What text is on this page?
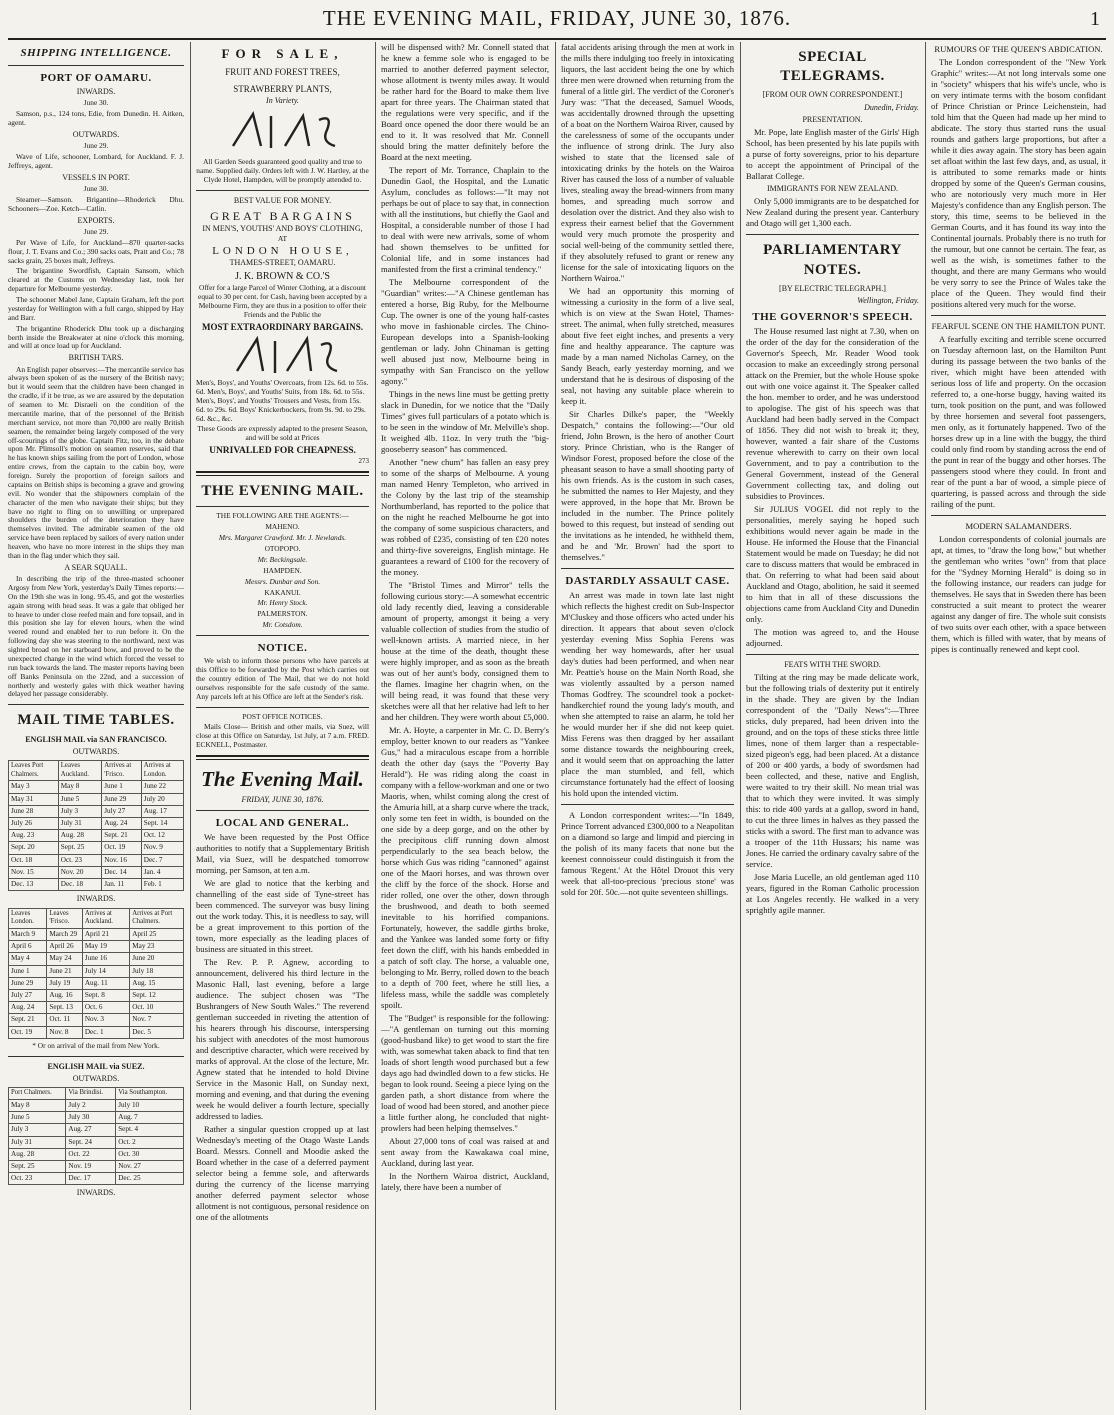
THE EVENING MAIL, FRIDAY, JUNE 30, 1876.	1
SHIPPING INTELLIGENCE.
PORT OF OAMARU.
INWARDS.
June 30.

Samson, p.s., 124 tons, Edie, from Dunedin. H. Aitken, agent.

OUTWARDS.
June 29.

Wave of Life, schooner, Lombard, for Auckland. F. J. Jeffreys, agent.

VESSELS IN PORT.
June 30.

Steamer—Samson. Brigantine—Rhoderick Dhu. Schooners—Zoe. Ketch—Catlin.

EXPORTS.
June 29.

Per Wave of Life, for Auckland—870 quarter-sacks flour, J. T. Evans and Co.; 390 sacks oats, Pratt and Co.; 78 sacks grain, 25 boxes malt, Jeffreys.

The brigantine Swordfish, Captain Sansom, which cleared at the Customs on Wednesday last, took her departure for Melbourne yesterday.

The schooner Mabel Jane, Captain Graham, left the port yesterday for Wellington with a full cargo, shipped by Hay and Barr.

The brigantine Rhoderick Dhu took up a discharging berth inside the Breakwater at nine o'clock this morning, and will at once load up for Auckland.

BRITISH TARS.

An English paper observes:—The mercantile service has always been spoken of as the nursery of the British navy; but it would seem that the children have been changed in the cradle, if it be true, as we are assured by the deputation of seamen to Mr. Disraeli on the condition of the mercantile marine, that of the personnel of the British merchant service, not more than 70,000 are really British seamen, the remainder being largely composed of the very off-scourings of the globe. Captain Fitz, too, in the debate upon Mr. Plimsoll's motion on seamen reserves, said that he has known ships sailing from the port of London, whose entire crews, from the captain to the cabin boy, were foreign. Surely the proportion of foreign sailors and captains on British ships is becoming a grave and growing evil. No wonder that the shipowners complain of the character of the men who navigate their ships; but they have no right to fling on to unwilling or unprepared shoulders the burden of the deterioration they have themselves invited. The admirable seamen of the old service have been replaced by sailors of every nation under heaven, who have no more interest in the ships they man than in the flag under which they sail.

A SEAR SQUALL.

In describing the trip of the three-masted schooner Argosy from New York, yesterday's Daily Times reports:—On the 19th she was in long. 95.45, and got the westerlies again strong with head seas. It was a gale that obliged her to heave to under close reefed main and fore topsail, and in this position she lay for eleven hours, when the wind veered round and enabled her to run before it. On the following day she was steering to the northward, next was sighted broad on her starboard bow, and proved to be the unexpected change in the wind which forced the vessel to run back towards the land. The master reports having been off Banks Peninsula on the 22nd, and a succession of northerly and westerly gales with thick weather having delayed her passage considerably.

MAIL TIME TABLES.
ENGLISH MAIL via SAN FRANCISCO.
OUTWARDS.
Leaves Port Chalmers.	Leaves Auckland.	Arrives at 'Frisco.	Arrives at London.
May 3	May 8	June 1	June 22
May 31	June 5	June 29	July 20
June 28	July 3	July 27	Aug. 17
July 26	July 31	Aug. 24	Sept. 14
Aug. 23	Aug. 28	Sept. 21	Oct. 12
Sept. 20	Sept. 25	Oct. 19	Nov. 9
Oct. 18	Oct. 23	Nov. 16	Dec. 7
Nov. 15	Nov. 20	Dec. 14	Jan. 4
Dec. 13	Dec. 18	Jan. 11	Feb. 1
INWARDS.
Leaves London.	Leaves 'Frisco.	Arrives at Auckland.	Arrives at Port Chalmers.
March 9	March 29	April 21	April 25
April 6	April 26	May 19	May 23
May 4	May 24	June 16	June 20
June 1	June 21	July 14	July 18
June 29	July 19	Aug. 11	Aug. 15
July 27	Aug. 16	Sept. 8	Sept. 12
Aug. 24	Sept. 13	Oct. 6	Oct. 10
Sept. 21	Oct. 11	Nov. 3	Nov. 7
Oct. 19	Nov. 8	Dec. 1	Dec. 5
* Or on arrival of the mail from New York.
ENGLISH MAIL via SUEZ.
OUTWARDS.
Port Chalmers.	Via Brindisi.	Via Southampton.
May 8	July 2	July 10
June 5	July 30	Aug. 7
July 3	Aug. 27	Sept. 4
July 31	Sept. 24	Oct. 2
Aug. 28	Oct. 22	Oct. 30
Sept. 25	Nov. 19	Nov. 27
Oct. 23	Dec. 17	Dec. 25
INWARDS.
FOR SALE,
FRUIT AND FOREST TREES,
STRAWBERRY PLANTS,
In Variety.

All Garden Seeds guaranteed good quality and true to name. Supplied daily. Orders left with J. W. Hartley, at the Clyde Hotel, Hampden, will be promptly attended to.

BEST VALUE FOR MONEY.
GREAT BARGAINS
IN MEN'S, YOUTHS' AND BOYS' CLOTHING,
AT
LONDON HOUSE,
THAMES-STREET, OAMARU.
J. K. BROWN & CO.'S

Offer for a large Parcel of Winter Clothing, at a discount equal to 30 per cent. for Cash, having been accepted by a Melbourne Firm, they are thus in a position to offer their Friends and the Public the

MOST EXTRAORDINARY BARGAINS.

Men's, Boys', and Youths' Overcoats, from 12s. 6d. to 55s. 6d. Men's, Boys', and Youths' Suits, from 18s. 6d. to 55s. Men's, Boys', and Youths' Trousers and Vests, from 15s. 6d. to 29s. 6d. Boys' Knickerbockers, from 9s. 9d. to 29s. 6d. &c., &c.

These Goods are expressly adapted to the present Season, and will be sold at Prices

UNRIVALLED FOR CHEAPNESS.
273
THE EVENING MAIL.

THE FOLLOWING ARE THE AGENTS:—

MAHENO.

Mrs. Margaret Crawford. Mr. J. Newlands.

OTOPOPO.

Mr. Beckingsale.

HAMPDEN.

Messrs. Dunbar and Son.

KAKANUI.

Mr. Henry Stock.

PALMERSTON.

Mr. Cotsdom.

NOTICE.

We wish to inform those persons who have parcels at this Office to be forwarded by the Post which carries out the country edition of The Mail, that we do not hold ourselves responsible for the safe custody of the same. Any parcels left at his Office are left at the Sender's risk.

POST OFFICE NOTICES.

Mails Close— British and other mails, via Suez, will close at this Office on Saturday, 1st July, at 7 a.m. FRED. ECKNELL, Postmaster.

The Evening Mail.
FRIDAY, JUNE 30, 1876.
LOCAL AND GENERAL.

We have been requested by the Post Office authorities to notify that a Supplementary British Mail, via Suez, will be despatched tomorrow morning, per Samson, at ten a.m.

We are glad to notice that the kerbing and channelling of the east side of Tyne-street has been commenced. The surveyor was busy lining out the work today. This, it is needless to say, will be a great improvement to this portion of the town, more especially as the leading places of business are situated in this street.

The Rev. P. P. Agnew, according to announcement, delivered his third lecture in the Masonic Hall, last evening, before a large audience. The subject chosen was "The Bushrangers of New South Wales." The reverend gentleman succeeded in riveting the attention of his hearers through his discourse, interspersing his subject with anecdotes of the most humorous and descriptive character, which were received by marks of approval. At the close of the lecture, Mr. Agnew stated that he intended to hold Divine Service in the Masonic Hall, on Sunday next, morning and evening, and that during the evening week he would deliver a fourth lecture, specially addressed to ladies.

Rather a singular question cropped up at last Wednesday's meeting of the Otago Waste Lands Board. Messrs. Connell and Moodie asked the Board whether in the case of a deferred payment selector being a femme sole, and afterwards during the currency of the license marrying another deferred payment selector whose allotment is not contiguous, personal residence on one of the allotments

will be dispensed with? Mr. Connell stated that he knew a femme sole who is engaged to be married to another deferred payment selector, whose allotment is twenty miles away. It would be rather hard for the Board to make them live apart for three years. The Chairman stated that the regulations were very specific, and if the Board once opened the door there would be an end to it. It was resolved that Mr. Connell should bring the matter definitely before the Board at the next meeting.

The report of Mr. Torrance, Chaplain to the Dunedin Gaol, the Hospital, and the Lunatic Asylum, concludes as follows:—"It may not perhaps be out of place to say that, in connection with all the institutions, but chiefly the Gaol and Hospital, a considerable number of those I had to deal with were new arrivals, some of whom had shown themselves to be unfitted for Colonial life, and in some instances had manifested from the first a criminal tendency."

The Melbourne correspondent of the "Guardian" writes:—"A Chinese gentleman has entered a horse, Big Ruby, for the Melbourne Cup. The owner is one of the young half-castes who move in fashionable circles. The Chino-European develops into a Spanish-looking gentleman or lady. John Chinaman is getting well abused just now, Melbourne being in sympathy with San Francisco on the yellow agony."

Things in the news line must be getting pretty slack in Dunedin, for we notice that the "Daily Times" gives full particulars of a potato which is to be seen in the window of Mr. Melville's shop. It weighed 4lb. 11oz. In very truth the "big-gooseberry season" has commenced.

Another "new chum" has fallen an easy prey to some of the sharps of Melbourne. A young man named Henry Templeton, who arrived in the Colony by the last trip of the steamship Northumberland, has reported to the police that on the night he reached Melbourne he got into the company of some suspicious characters, and was robbed of £235, consisting of ten £20 notes and thirty-five sovereigns, English mintage. He guarantees a reward of £100 for the recovery of the money.

The "Bristol Times and Mirror" tells the following curious story:—A somewhat eccentric old lady recently died, leaving a considerable amount of property, amongst it being a very valuable collection of studies from the studio of well-known artists. A married niece, in her house at the time of the death, thought these were highly improper, and as soon as the breath was out of her aunt's body, consigned them to the flames. Imagine her chagrin when, on the will being read, it was found that these very sketches were all that her relative had left to her and her children. They were worth about £5,000.

Mr. A. Hoyte, a carpenter in Mr. C. D. Berry's employ, better known to our readers as "Yankee Gus," had a miraculous escape from a horrible death the other day (says the "Poverty Bay Herald"). He was riding along the coast in company with a fellow-workman and one or two Maoris, when, whilst coming along the crest of the Amuria hill, at a sharp curve where the track, only some ten feet in width, is bounded on the one side by a deep gorge, and on the other by the precipitous cliff running down almost perpendicularly to the sea beach below, the horse which Gus was riding "cannoned" against one of the Maori horses, and was thrown over the cliff by the force of the shock. Horse and rider rolled, one over the other, down through the brushwood, and death to both seemed inevitable to his horrified companions. Fortunately, however, the saddle girths broke, and the Yankee was landed some forty or fifty feet down the cliff, with his hands embedded in a patch of soft clay. The horse, a valuable one, belonging to Mr. Berry, rolled down to the beach to a depth of 700 feet, where he still lies, a lifeless mass, while the saddle was completely spoilt.

The "Budget" is responsible for the following:—"A gentleman on turning out this morning (good-husband like) to get wood to start the fire with, was somewhat taken aback to find that ten loads of short length wood purchased but a few days ago had dwindled down to a few sticks. He began to look round. Seeing a piece lying on the garden path, a short distance from where the load of wood had been stored, and another piece a little further along, he concluded that night-prowlers had been helping themselves."

About 27,000 tons of coal was raised at and sent away from the Kawakawa coal mine, Auckland, during last year.

In the Northern Wairoa district, Auckland, lately, there have been a number of

fatal accidents arising through the men at work in the mills there indulging too freely in intoxicating liquors, the last accident being the one by which three men were drowned when returning from the funeral of a little girl. The verdict of the Coroner's Jury was: "That the deceased, Samuel Woods, was accidentally drowned through the upsetting of a boat on the Northern Wairoa River, caused by the carelessness of some of the occupants under the influence of strong drink. The Jury also wished to state that the licensed sale of intoxicating drinks by the hotels on the Wairoa River has caused the loss of a number of valuable lives, stealing away the bread-winners from many homes, and spreading much sorrow and desolation over the district. And they also wish to express their earnest belief that the Government would very much promote the prosperity and social well-being of the community settled there, if they absolutely refused to grant or renew any license for the sale of intoxicating liquors on the Northern Wairoa."

We had an opportunity this morning of witnessing a curiosity in the form of a live seal, which is on view at the Swan Hotel, Thames-street. The animal, when fully stretched, measures about five feet eight inches, and presents a very fine and healthy appearance. The capture was made by a man named Nicholas Carney, on the Sandy Beach, early yesterday morning, and we understand that he is desirous of disposing of the seal, not having any suitable place wherein to keep it.

Sir Charles Dilke's paper, the "Weekly Despatch," contains the following:—"Our old friend, John Brown, is the hero of another Court story. Prince Christian, who is the Ranger of Windsor Forest, proposed before the close of the pheasant season to have a small shooting party of his own friends. As is the custom in such cases, he submitted the names to Her Majesty, and they were approved, in the hope that Mr. Brown be included in the number. The Prince politely bowed to this request, but instead of sending out the invitations as he intended, he withheld them, and he and 'Mr. Brown' had the sport to themselves."

DASTARDLY ASSAULT CASE.

An arrest was made in town late last night which reflects the highest credit on Sub-Inspector M'Cluskey and those officers who acted under his direction. It appears that about seven o'clock yesterday evening Miss Sophia Ferens was wending her way homewards, after her usual day's duties had been performed, and when near Mr. Peattie's house on the Main North Road, she was violently assaulted by a person named Thomas Godfrey. The scoundrel took a pocket-handkerchief round the young lady's mouth, and when she attempted to raise an alarm, he told her he would murder her if she did not keep quiet. Miss Ferens was then dragged by her assailant some distance towards the neighbouring creek, and it would seem that on approaching the latter place the man stumbled, and fell, which circumstance fortunately had the effect of loosing his hold upon the intended victim.

A London correspondent writes:—"In 1849, Prince Torrent advanced £300,000 to a Neapolitan on a diamond so large and limpid and piercing in the polish of its many facets that none but the keenest connoisseur could distinguish it from the famous 'Regent.' At the Hôtel Drouot this very week that all-too-precious 'precious stone' was sold for 20f. 50c.—not quite seventeen shillings.

SPECIAL TELEGRAMS.
[FROM OUR OWN CORRESPONDENT.]
Dunedin, Friday.
PRESENTATION.

Mr. Pope, late English master of the Girls' High School, has been presented by his late pupils with a purse of forty sovereigns, prior to his departure to accept the appointment of Principal of the Ballarat College.

IMMIGRANTS FOR NEW ZEALAND.

Only 5,000 immigrants are to be despatched for New Zealand during the present year. Canterbury and Otago will get 1,300 each.

PARLIAMENTARY NOTES.
[BY ELECTRIC TELEGRAPH.]
Wellington, Friday.
THE GOVERNOR'S SPEECH.

The House resumed last night at 7.30, when on the order of the day for the consideration of the Governor's Speech, Mr. Reader Wood took occasion to make an exceedingly strong personal attack on the Premier, but the whole House spoke out with one voice against it. The Speaker called the hon. member to order, and he was understood to apologise. The gist of his speech was that Auckland had been badly served in the Compact of 1856. They did not wish to break it; they, however, wanted a fair share of the Customs revenue wherewith to carry on their own local Government, and to pay a contribution to the General Government, instead of the General Government collecting tax, and doling out subsidies to Provinces.

Sir JULIUS VOGEL did not reply to the personalities, merely saying he hoped such exhibitions would never again be made in the House. He informed the House that the Financial Statement would be made on Tuesday; he did not care to discuss matters that would be embraced in that. On referring to what had been said about Auckland and Otago, abolition, he said it seemed to him that in all of these discussions the objections came from Auckland City and Dunedin only.

The motion was agreed to, and the House adjourned.

FEATS WITH THE SWORD.

Tilting at the ring may be made delicate work, but the following trials of dexterity put it entirely in the shade. They are given by the Indian correspondent of the "Daily News":—Three sticks, duly prepared, had been driven into the ground, and on the tops of these sticks three little limes, none of them larger than a respectable-sized pigeon's egg, had been placed. At a distance of 200 or 400 yards, a body of swordsmen had been collected, and these, native and English, were waited to try their skill. No mean trial was that to which they were invited. It was simply this: to ride 400 yards at a gallop, sword in hand, to cut the three limes in halves as they passed the sticks with a sword. The first man to advance was a trooper of the 11th Hussars; his name was Jones. He carried the ordinary cavalry sabre of the service.

Jose Maria Lucelle, an old gentleman aged 110 years, figured in the Roman Catholic procession at Los Angeles recently. He walked in a very sprightly agile manner.

RUMOURS OF THE QUEEN'S ABDICATION.

The London correspondent of the "New York Graphic" writes:—At not long intervals some one in "society" whispers that his wife's uncle, who is on very intimate terms with the bosom confidant of Prince Christian or Prince Leichenstein, had told him that the Queen had made up her mind to abdicate. The story thus started runs the usual rounds and gathers large proportions, but after a while it dies away again. The story has been again set afloat within the last few days, and, as usual, it is attributed to some remarks made or hints dropped by some of the Queen's German cousins, who are notoriously very much more in Her Majesty's confidence than any English person. The story, this time, seems to be believed in the German Courts, and it has found its way into the Continental journals. Probably there is no truth for the rumour, but one cannot be certain. The fear, as well as the wish, is sometimes father to the thought, and there are many Germans who would be very sorry to see the Prince of Wales take the place of the Queen. They would find their positions altered very much for the worse.

FEARFUL SCENE ON THE HAMILTON PUNT.

A fearfully exciting and terrible scene occurred on Tuesday afternoon last, on the Hamilton Punt during its passage between the two banks of the river, which might have been attended with serious loss of life and property. On the occasion referred to, a one-horse buggy, having waited its turn, took position on the punt, and was followed by three horsemen and several foot passengers, men only, as it fortunately happened. Two of the horses drew up in a line with the buggy, the third could only find room by standing across the end of the punt in rear of the buggy and other horses. The passengers stood where they could. In front and rear of the punt a bar of wood, a simple piece of quartering, is passed across and through the side railing of the punt.

MODERN SALAMANDERS.

London correspondents of colonial journals are apt, at times, to "draw the long bow," but whether the gentleman who writes "own" from that place for the "Sydney Morning Herald" is doing so in the following instance, our readers can judge for themselves. He says that in Sweden there has been constructed a suit meant to protect the wearer against any danger of fire. The whole suit consists of two suits over each other, with a space between them, which is filled with water, that by means of pipes is continually renewed and kept cool.
